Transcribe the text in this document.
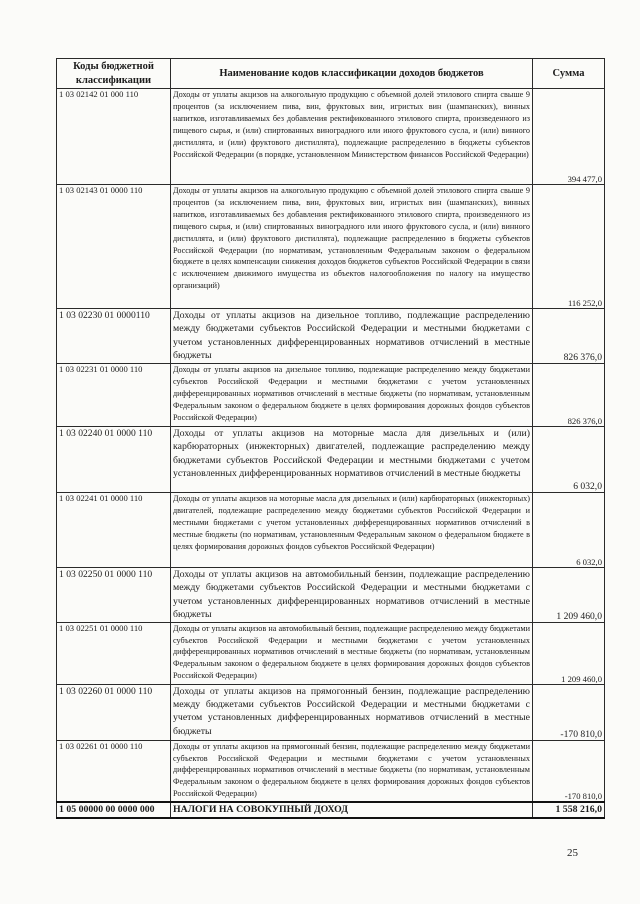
Коды бюджетной классификации	Наименование кодов классификации доходов бюджетов	Сумма
1 03 02142 01 000 110	Доходы от уплаты акцизов на алкогольную продукцию с объемной долей этилового спирта свыше 9 процентов (за исключением пива, вин, фруктовых вин, игристых вин (шампанских), винных напитков, изготавливаемых без добавления ректификованного этилового спирта, произведенного из пищевого сырья, и (или) спиртованных виноградного или иного фруктового сусла, и (или) винного дистиллята, и (или) фруктового дистиллята), подлежащие распределению в бюджеты субъектов Российской Федерации (в порядке, установленном Министерством финансов Российской Федерации)	394 477,0
1 03 02143 01 0000 110	Доходы от уплаты акцизов на алкогольную продукцию с объемной долей этилового спирта свыше 9 процентов (за исключением пива, вин, фруктовых вин, игристых вин (шампанских), винных напитков, изготавливаемых без добавления ректификованного этилового спирта, произведенного из пищевого сырья, и (или) спиртованных виноградного или иного фруктового сусла, и (или) винного дистиллята, и (или) фруктового дистиллята), подлежащие распределению в бюджеты субъектов Российской Федерации (по нормативам, установленным Федеральным законом о федеральном бюджете в целях компенсации снижения доходов бюджетов субъектов Российской Федерации в связи с исключением движимого имущества из объектов налогообложения по налогу на имущество организаций)	116 252,0
1 03 02230 01 0000110	Доходы от уплаты акцизов на дизельное топливо, подлежащие распределению между бюджетами субъектов Российской Федерации и местными бюджетами с учетом установленных дифференцированных нормативов отчислений в местные бюджеты	826 376,0
1 03 02231 01 0000 110	Доходы от уплаты акцизов на дизельное топливо, подлежащие распределению между бюджетами субъектов Российской Федерации и местными бюджетами с учетом установленных дифференцированных нормативов отчислений в местные бюджеты (по нормативам, установленным Федеральным законом о федеральном бюджете в целях формирования дорожных фондов субъектов Российской Федерации)	826 376,0
1 03 02240 01 0000 110	Доходы от уплаты акцизов на моторные масла для дизельных и (или) карбюраторных (инжекторных) двигателей, подлежащие распределению между бюджетами субъектов Российской Федерации и местными бюджетами с учетом установленных дифференцированных нормативов отчислений в местные бюджеты	6 032,0
1 03 02241 01 0000 110	Доходы от уплаты акцизов на моторные масла для дизельных и (или) карбюраторных (инжекторных) двигателей, подлежащие распределению между бюджетами субъектов Российской Федерации и местными бюджетами с учетом установленных дифференцированных нормативов отчислений в местные бюджеты (по нормативам, установленным Федеральным законом о федеральном бюджете в целях формирования дорожных фондов субъектов Российской Федерации)	6 032,0
1 03 02250 01 0000 110	Доходы от уплаты акцизов на автомобильный бензин, подлежащие распределению между бюджетами субъектов Российской Федерации и местными бюджетами с учетом установленных дифференцированных нормативов отчислений в местные бюджеты	1 209 460,0
1 03 02251 01 0000 110	Доходы от уплаты акцизов на автомобильный бензин, подлежащие распределению между бюджетами субъектов Российской Федерации и местными бюджетами с учетом установленных дифференцированных нормативов отчислений в местные бюджеты (по нормативам, установленным Федеральным законом о федеральном бюджете в целях формирования дорожных фондов субъектов Российской Федерации)	1 209 460,0
1 03 02260 01 0000 110	Доходы от уплаты акцизов на прямогонный бензин, подлежащие распределению между бюджетами субъектов Российской Федерации и местными бюджетами с учетом установленных дифференцированных нормативов отчислений в местные бюджеты	-170 810,0
1 03 02261 01 0000 110	Доходы от уплаты акцизов на прямогонный бензин, подлежащие распределению между бюджетами субъектов Российской Федерации и местными бюджетами с учетом установленных дифференцированных нормативов отчислений в местные бюджеты (по нормативам, установленным Федеральным законом о федеральном бюджете в целях формирования дорожных фондов субъектов Российской Федерации)	-170 810,0
1 05 00000 00 0000 000	НАЛОГИ НА СОВОКУПНЫЙ ДОХОД	1 558 216,0
25
